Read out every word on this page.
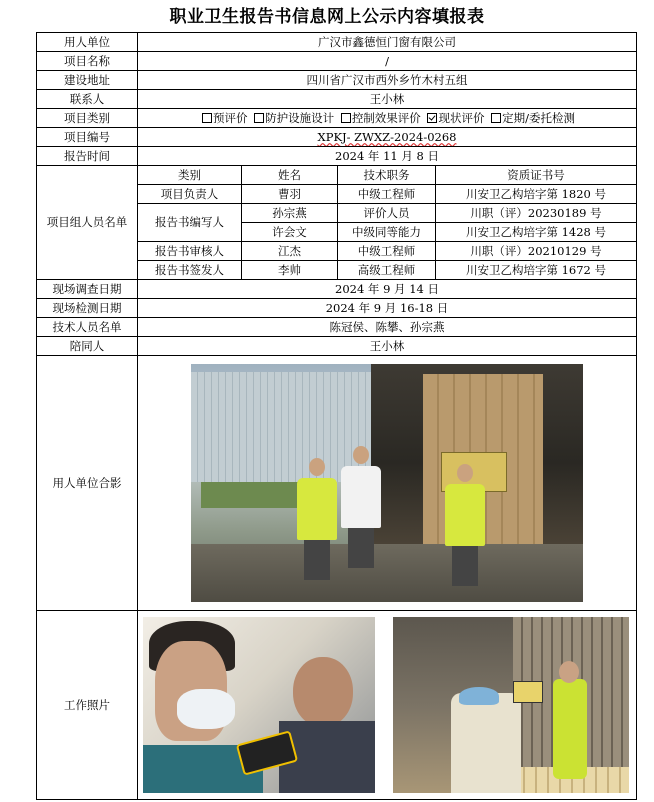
职业卫生报告书信息网上公示内容填报表
用人单位	广汉市鑫德恒门窗有限公司			
项目名称	/			
建设地址	四川省广汉市西外乡竹木村五组			
联系人	王小林			
项目类别	预评价 防护设施设计 控制效果评价 现状评价 定期/委托检测			
项目编号	XPKJ- ZWXZ-2024-0268			
报告时间	2024 年 11 月 8 日			
项目组人员名单	类别	姓名	技术职务	资质证书号
	项目负责人	曹羽	中级工程师	川安卫乙构培字第 1820 号
	报告书编写人	孙宗燕	评价人员	川职（评）20230189 号
		许会文	中级同等能力	川安卫乙构培字第 1428 号
	报告书审核人	江杰	中级工程师	川职（评）20210129 号
	报告书签发人	李帅	高级工程师	川安卫乙构培字第 1672 号
现场调查日期	2024 年 9 月 14 日			
现场检测日期	2024 年 9 月 16-18 日			
技术人员名单	陈冠侯、陈攀、孙宗燕			
陪同人	王小林			
用人单位合影				

工作照片				
